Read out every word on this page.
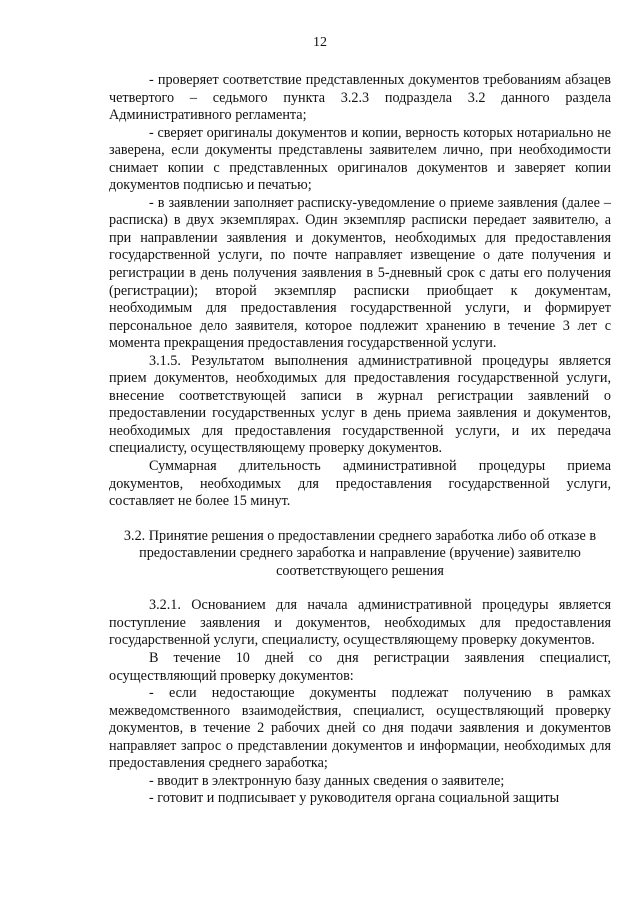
12

- проверяет соответствие представленных документов требованиям абзацев четвертого – седьмого пункта 3.2.3 подраздела 3.2 данного раздела Административного регламента;

- сверяет оригиналы документов и копии, верность которых нотариально не заверена, если документы представлены заявителем лично, при необходимости снимает копии с представленных оригиналов документов и заверяет копии документов подписью и печатью;

- в заявлении заполняет расписку-уведомление о приеме заявления (далее – расписка) в двух экземплярах. Один экземпляр расписки передает заявителю, а при направлении заявления и документов, необходимых для предоставления государственной услуги, по почте направляет извещение о дате получения и регистрации в день получения заявления в 5-дневный срок с даты его получения (регистрации); второй экземпляр расписки приобщает к документам, необходимым для предоставления государственной услуги, и формирует персональное дело заявителя, которое подлежит хранению в течение 3 лет с момента прекращения предоставления государственной услуги.

3.1.5. Результатом выполнения административной процедуры является прием документов, необходимых для предоставления государственной услуги, внесение соответствующей записи в журнал регистрации заявлений о предоставлении государственных услуг в день приема заявления и документов, необходимых для предоставления государственной услуги, и их передача специалисту, осуществляющему проверку документов.

Суммарная длительность административной процедуры приема документов, необходимых для предоставления государственной услуги, составляет не более 15 минут.

3.2. Принятие решения о предоставлении среднего заработка либо об отказе в предоставлении среднего заработка и направление (вручение) заявителю соответствующего решения

3.2.1. Основанием для начала административной процедуры является поступление заявления и документов, необходимых для предоставления государственной услуги, специалисту, осуществляющему проверку документов.

В течение 10 дней со дня регистрации заявления специалист, осуществляющий проверку документов:

- если недостающие документы подлежат получению в рамках межведомственного взаимодействия, специалист, осуществляющий проверку документов, в течение 2 рабочих дней со дня подачи заявления и документов направляет запрос о представлении документов и информации, необходимых для предоставления среднего заработка;

- вводит в электронную базу данных сведения о заявителе;

- готовит и подписывает у руководителя органа социальной защиты
